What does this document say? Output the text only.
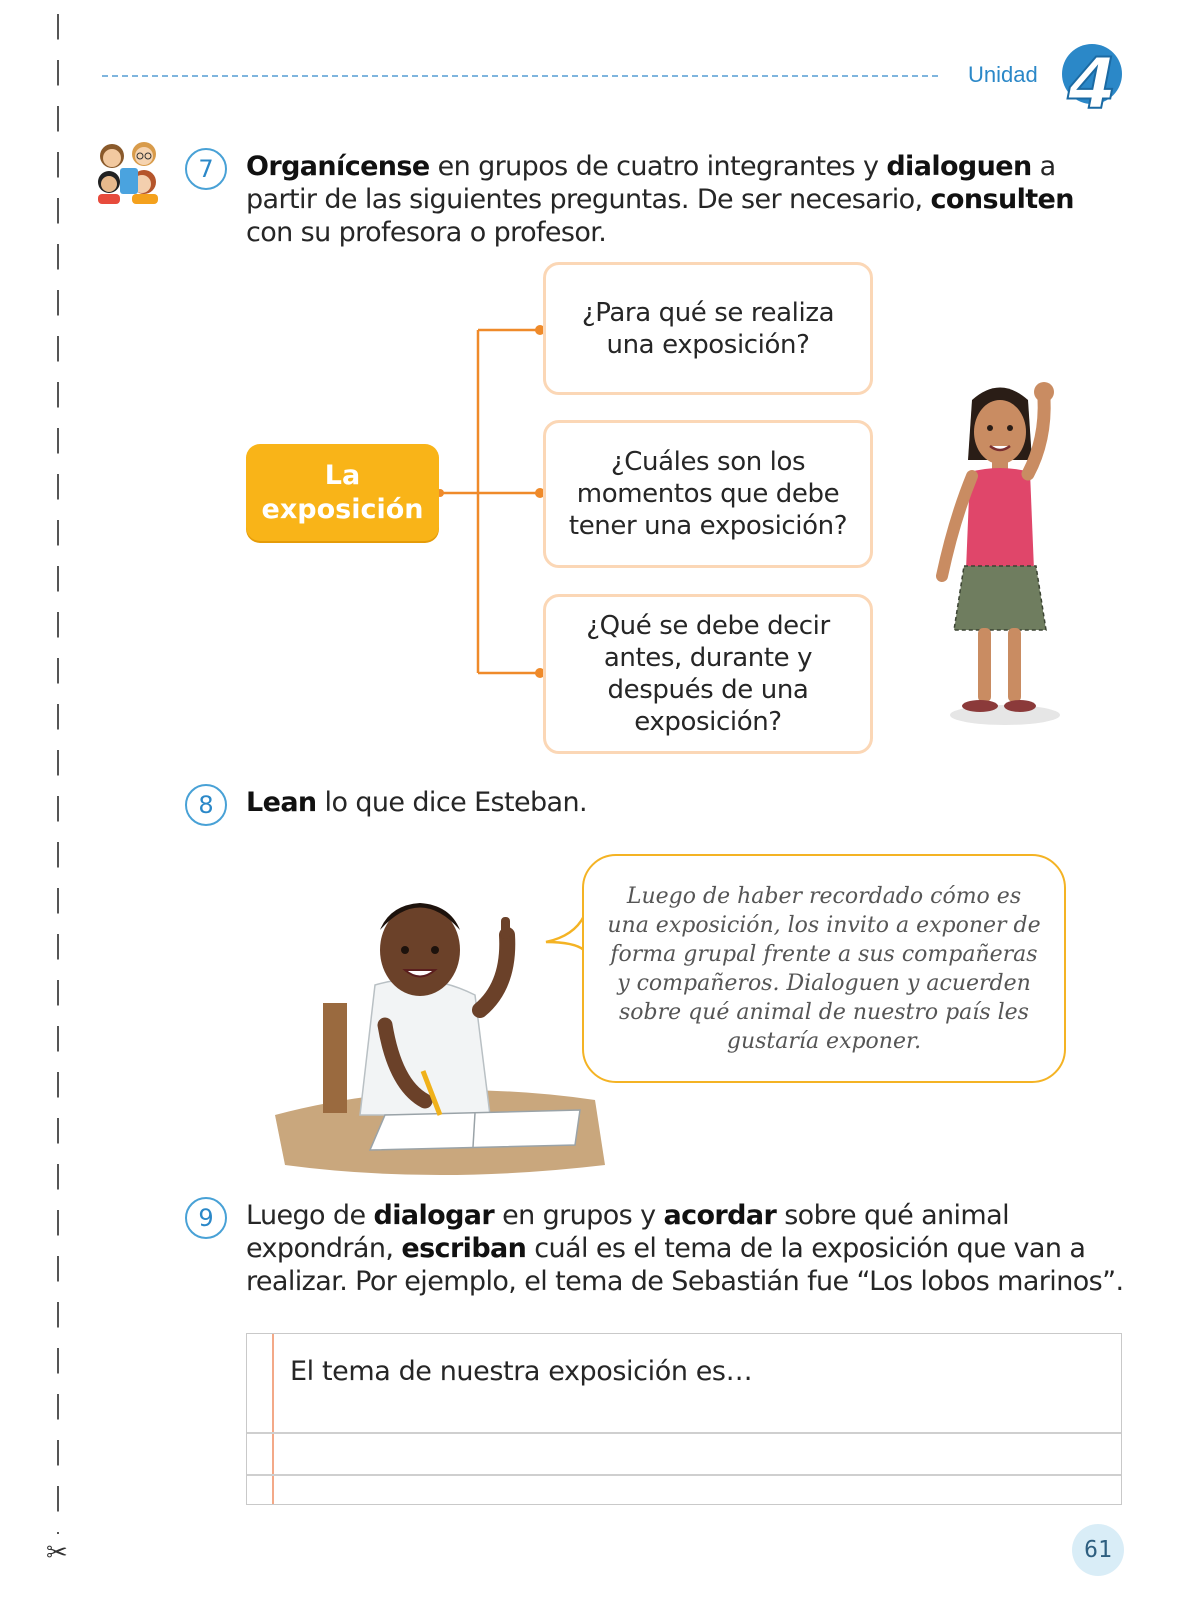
✂
Unidad 4
7	Organícense en grupos de cuatro integrantes y dialoguen a partir de las siguientes preguntas. De ser necesario, consulten con su profesora o profesor.
La
exposición
¿Para qué se realiza
una exposición?
¿Cuáles son los
momentos que debe
tener una exposición?
¿Qué se debe decir
antes, durante y
después de una
exposición?
8	Lean lo que dice Esteban.
Luego de haber recordado cómo es
una exposición, los invito a exponer de
forma grupal frente a sus compañeras
y compañeros. Dialoguen y acuerden
sobre qué animal de nuestro país les
gustaría exponer.
9	Luego de dialogar en grupos y acordar sobre qué animal expondrán, escriban cuál es el tema de la exposición que van a realizar. Por ejemplo, el tema de Sebastián fue “Los lobos marinos”.
El tema de nuestra exposición es…
61
